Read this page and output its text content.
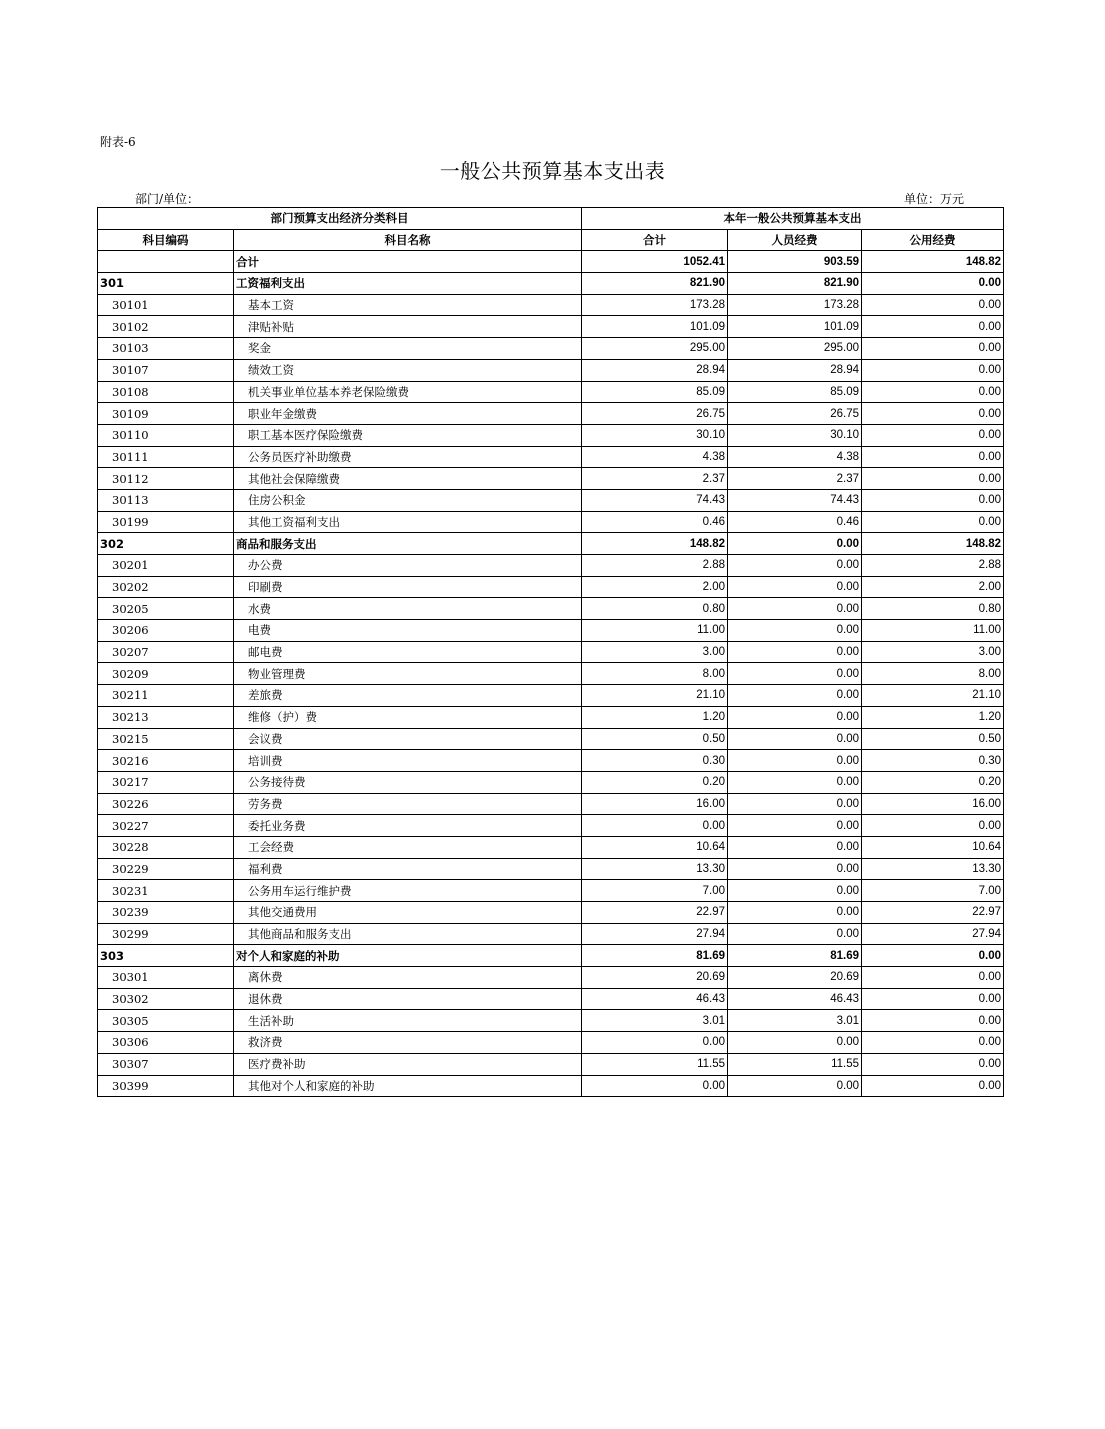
附表-6
一般公共预算基本支出表
部门/单位：	单位：万元
部门预算支出经济分类科目		本年一般公共预算基本支出		
科目编码	科目名称	合计	人员经费	公用经费
	合计	1052.41	903.59	148.82
301	工资福利支出	821.90	821.90	0.00
30101	基本工资	173.28	173.28	0.00
30102	津贴补贴	101.09	101.09	0.00
30103	奖金	295.00	295.00	0.00
30107	绩效工资	28.94	28.94	0.00
30108	机关事业单位基本养老保险缴费	85.09	85.09	0.00
30109	职业年金缴费	26.75	26.75	0.00
30110	职工基本医疗保险缴费	30.10	30.10	0.00
30111	公务员医疗补助缴费	4.38	4.38	0.00
30112	其他社会保障缴费	2.37	2.37	0.00
30113	住房公积金	74.43	74.43	0.00
30199	其他工资福利支出	0.46	0.46	0.00
302	商品和服务支出	148.82	0.00	148.82
30201	办公费	2.88	0.00	2.88
30202	印刷费	2.00	0.00	2.00
30205	水费	0.80	0.00	0.80
30206	电费	11.00	0.00	11.00
30207	邮电费	3.00	0.00	3.00
30209	物业管理费	8.00	0.00	8.00
30211	差旅费	21.10	0.00	21.10
30213	维修（护）费	1.20	0.00	1.20
30215	会议费	0.50	0.00	0.50
30216	培训费	0.30	0.00	0.30
30217	公务接待费	0.20	0.00	0.20
30226	劳务费	16.00	0.00	16.00
30227	委托业务费	0.00	0.00	0.00
30228	工会经费	10.64	0.00	10.64
30229	福利费	13.30	0.00	13.30
30231	公务用车运行维护费	7.00	0.00	7.00
30239	其他交通费用	22.97	0.00	22.97
30299	其他商品和服务支出	27.94	0.00	27.94
303	对个人和家庭的补助	81.69	81.69	0.00
30301	离休费	20.69	20.69	0.00
30302	退休费	46.43	46.43	0.00
30305	生活补助	3.01	3.01	0.00
30306	救济费	0.00	0.00	0.00
30307	医疗费补助	11.55	11.55	0.00
30399	其他对个人和家庭的补助	0.00	0.00	0.00
